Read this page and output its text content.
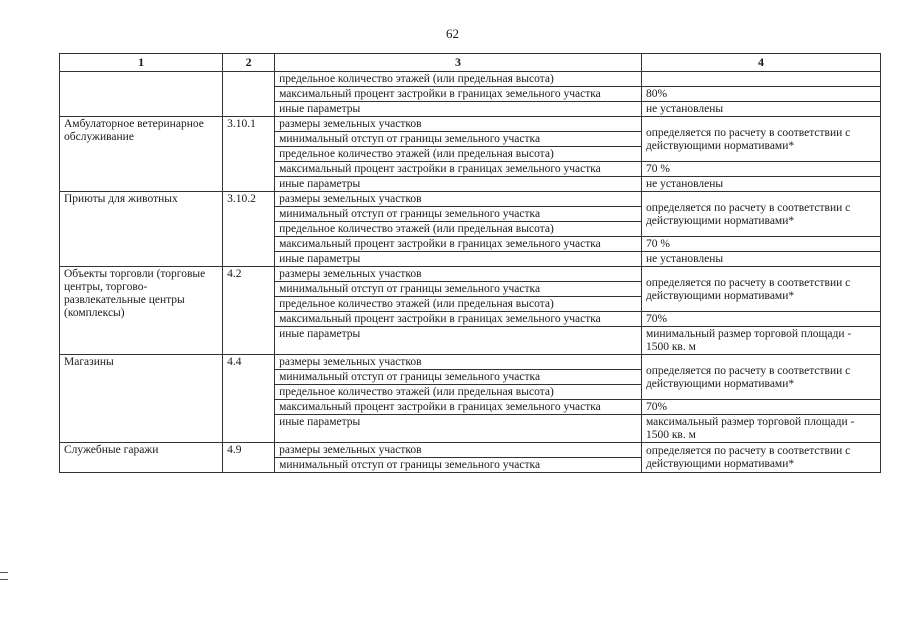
62
1	2	3	4
		предельное количество этажей (или предельная высота)	
		максимальный процент застройки в границах земельного участка	80%
		иные параметры	не установлены
Амбулаторное ветеринарное обслуживание	3.10.1	размеры земельных участков	определяется по расчету в соответствии с действующими нормативами*
		минимальный отступ от границы земельного участка	
		предельное количество этажей (или предельная высота)	
		максимальный процент застройки в границах земельного участка	70 %
		иные параметры	не установлены
Приюты для животных	3.10.2	размеры земельных участков	определяется по расчету в соответствии с действующими нормативами*
		минимальный отступ от границы земельного участка	
		предельное количество этажей (или предельная высота)	
		максимальный процент застройки в границах земельного участка	70 %
		иные параметры	не установлены
Объекты торговли (торговые центры, торгово-развлекательные центры (комплексы)	4.2	размеры земельных участков	определяется по расчету в соответствии с действующими нормативами*
		минимальный отступ от границы земельного участка	
		предельное количество этажей (или предельная высота)	
		максимальный процент застройки в границах земельного участка	70%
		иные параметры	минимальный размер торговой площади - 1500 кв. м
Магазины	4.4	размеры земельных участков	определяется по расчету в соответствии с действующими нормативами*
		минимальный отступ от границы земельного участка	
		предельное количество этажей (или предельная высота)	
		максимальный процент застройки в границах земельного участка	70%
		иные параметры	максимальный размер торговой площади - 1500 кв. м
Служебные гаражи	4.9	размеры земельных участков	определяется по расчету в соответствии с действующими нормативами*
		минимальный отступ от границы земельного участка	
